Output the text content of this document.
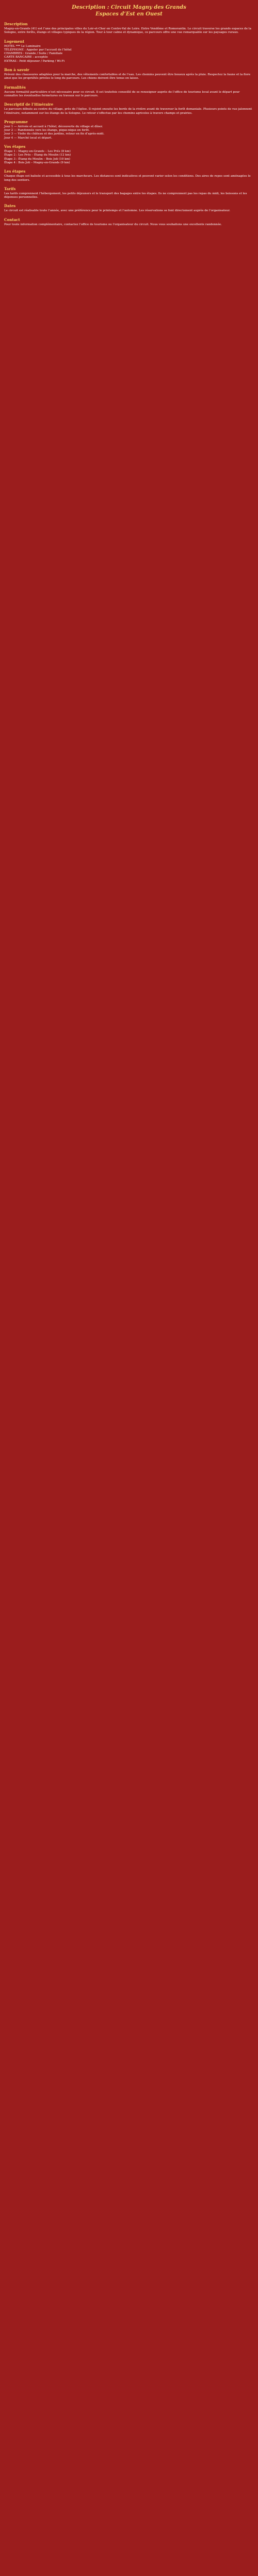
Description : Circuit Magny des Grands
Espaces d’Est en Ouest
Description
Magny-en-Grands (41) est l’une des principales villes du Loir-et-Cher en Centre-Val de Loire. Entre Vendôme et Romorantin. Le circuit traverse les grands espaces de la Sologne, entre forêts, étangs et villages typiques de la région. Tour à tour calme et dynamique, ce parcours offre une vue remarquable sur les paysages ruraux.
Logement
HOTEL *** Le Luminaire
TÉLÉPHONE : Appeler par l’accueil de l’hôtel
CHAMBRES : Grande / Suite / Familiale
CARTE BANCAIRE : acceptée
EXTRAS : Petit déjeuner / Parking / Wi-Fi
Bon à savoir
Prévoir des chaussures adaptées pour la marche, des vêtements confortables et de l’eau. Les chemins peuvent être boueux après la pluie. Respectez la faune et la flore ainsi que les propriétés privées le long du parcours. Les chiens doivent être tenus en laisse.
Formalités
Aucune formalité particulière n’est nécessaire pour ce circuit. Il est toutefois conseillé de se renseigner auprès de l’office de tourisme local avant le départ pour connaître les éventuelles fermetures ou travaux sur le parcours.
Descriptif de l’itinéraire
Le parcours débute au centre du village, près de l’église. Il rejoint ensuite les bords de la rivière avant de traverser la forêt domaniale. Plusieurs points de vue jalonnent l’itinéraire, notamment sur les étangs de la Sologne. Le retour s’effectue par les chemins agricoles à travers champs et prairies.
Programme
Jour 1 — Arrivée et accueil à l’hôtel, découverte du village et dîner.
Jour 2 — Randonnée vers les étangs, pique-nique en forêt.
Jour 3 — Visite du château et des jardins, retour en fin d’après-midi.
Jour 4 — Marché local et départ.
Vos étapes
Étape 1 : Magny-en-Grands – Les Prés (8 km)
Étape 2 : Les Prés – Étang du Moulin (12 km)
Étape 3 : Étang du Moulin – Bois Joli (10 km)
Étape 4 : Bois Joli – Magny-en-Grands (9 km)
Les étapes
Chaque étape est balisée et accessible à tous les marcheurs. Les distances sont indicatives et peuvent varier selon les conditions. Des aires de repos sont aménagées le long des sentiers.
Tarifs
Les tarifs comprennent l’hébergement, les petits déjeuners et le transport des bagages entre les étapes. Ils ne comprennent pas les repas du midi, les boissons et les dépenses personnelles.
Dates
Le circuit est réalisable toute l’année, avec une préférence pour le printemps et l’automne. Les réservations se font directement auprès de l’organisateur.
Contact
Pour toute information complémentaire, contactez l’office de tourisme ou l’organisateur du circuit. Nous vous souhaitons une excellente randonnée.
